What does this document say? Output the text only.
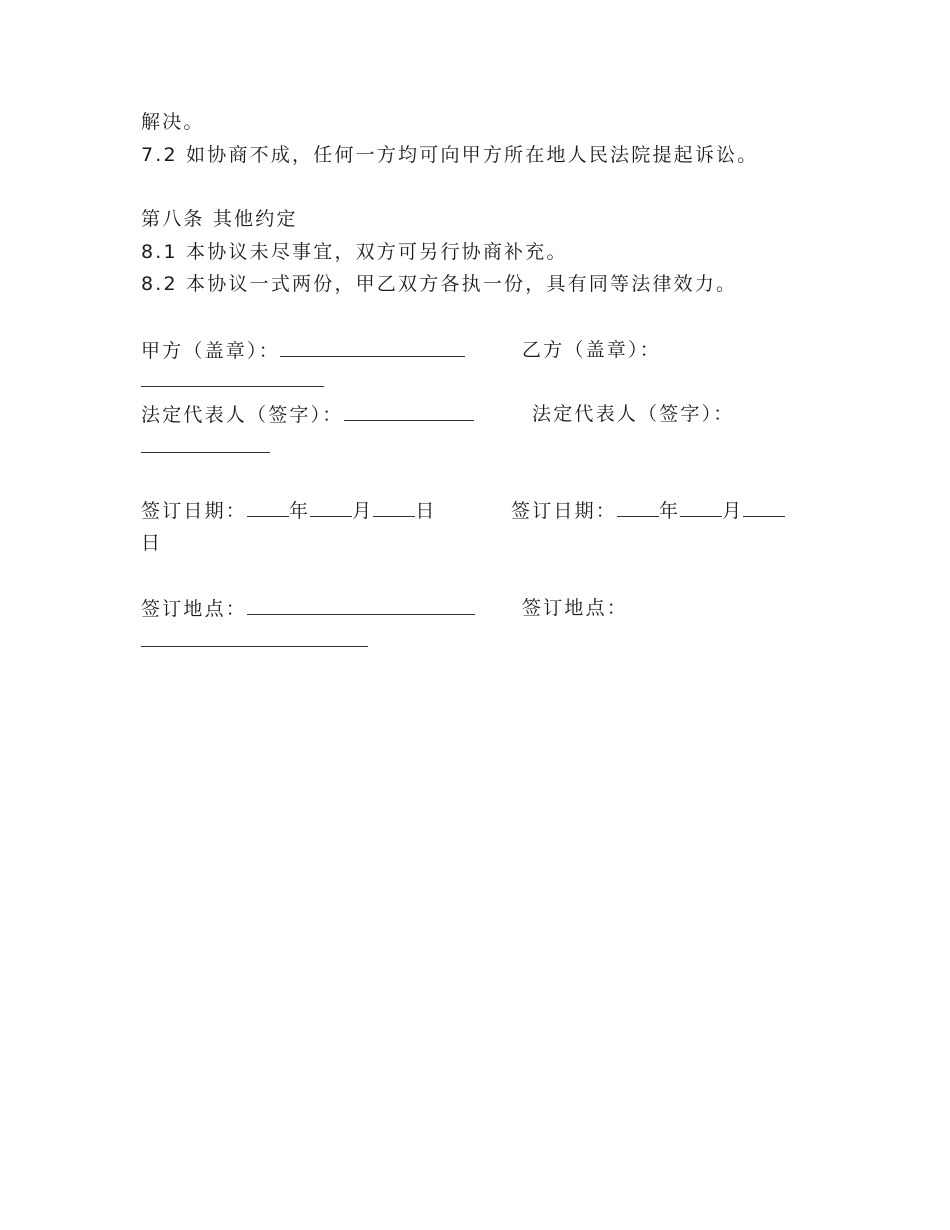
解决。
7.2 如协商不成，任何一方均可向甲方所在地人民法院提起诉讼。
第八条 其他约定
8.1 本协议未尽事宜，双方可另行协商补充。
8.2 本协议一式两份，甲乙双方各执一份，具有同等法律效力。
甲方（盖章）：	乙方（盖章）：
法定代表人（签字）：	法定代表人（签字）：
签订日期： 年 月 日	签订日期： 年 月
日
签订地点：	签订地点：
